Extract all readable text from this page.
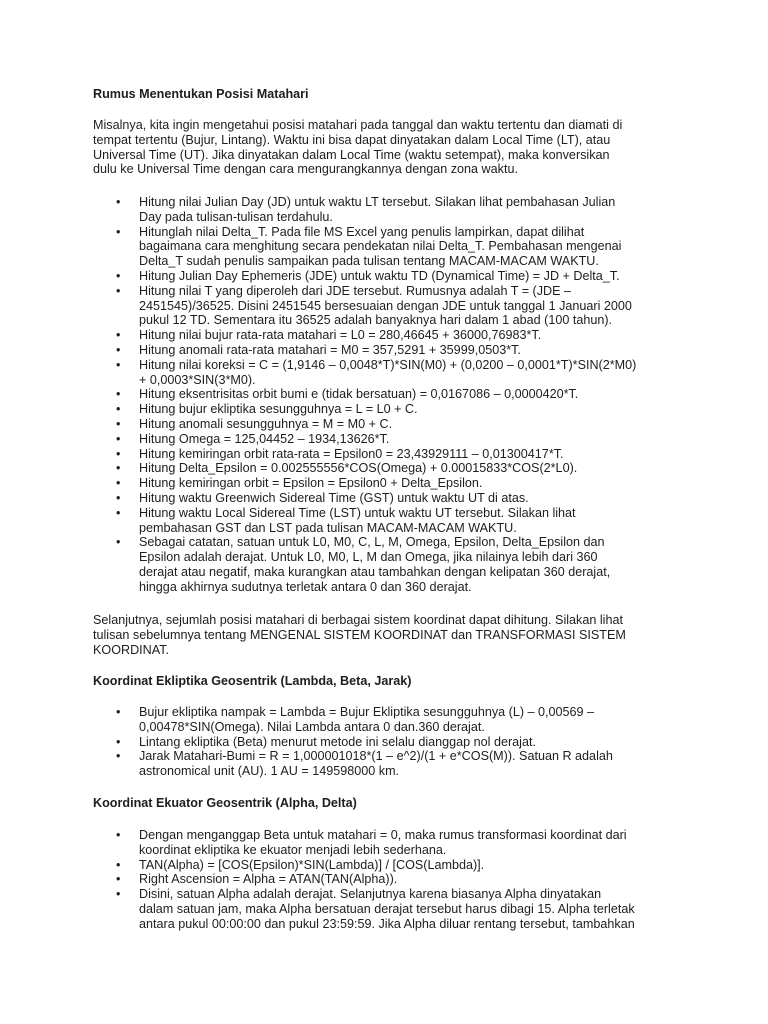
Rumus Menentukan Posisi Matahari

Misalnya, kita ingin mengetahui posisi matahari pada tanggal dan waktu tertentu dan diamati di
tempat tertentu (Bujur, Lintang). Waktu ini bisa dapat dinyatakan dalam Local Time (LT), atau
Universal Time (UT). Jika dinyatakan dalam Local Time (waktu setempat), maka konversikan
dulu ke Universal Time dengan cara mengurangkannya dengan zona waktu.

• Hitung nilai Julian Day (JD) untuk waktu LT tersebut. Silakan lihat pembahasan Julian
Day pada tulisan-tulisan terdahulu.
• Hitunglah nilai Delta_T. Pada file MS Excel yang penulis lampirkan, dapat dilihat
bagaimana cara menghitung secara pendekatan nilai Delta_T. Pembahasan mengenai
Delta_T sudah penulis sampaikan pada tulisan tentang MACAM-MACAM WAKTU.
• Hitung Julian Day Ephemeris (JDE) untuk waktu TD (Dynamical Time) = JD + Delta_T.
• Hitung nilai T yang diperoleh dari JDE tersebut. Rumusnya adalah T = (JDE –
2451545)/36525. Disini 2451545 bersesuaian dengan JDE untuk tanggal 1 Januari 2000
pukul 12 TD. Sementara itu 36525 adalah banyaknya hari dalam 1 abad (100 tahun).
• Hitung nilai bujur rata-rata matahari = L0 = 280,46645 + 36000,76983*T.
• Hitung anomali rata-rata matahari = M0 = 357,5291 + 35999,0503*T.
• Hitung nilai koreksi = C = (1,9146 – 0,0048*T)*SIN(M0) + (0,0200 – 0,0001*T)*SIN(2*M0)
+ 0,0003*SIN(3*M0).
• Hitung eksentrisitas orbit bumi e (tidak bersatuan) = 0,0167086 – 0,0000420*T.
• Hitung bujur ekliptika sesungguhnya = L = L0 + C.
• Hitung anomali sesungguhnya = M = M0 + C.
• Hitung Omega = 125,04452 – 1934,13626*T.
• Hitung kemiringan orbit rata-rata = Epsilon0 = 23,43929111 – 0,01300417*T.
• Hitung Delta_Epsilon = 0.002555556*COS(Omega) + 0.00015833*COS(2*L0).
• Hitung kemiringan orbit = Epsilon = Epsilon0 + Delta_Epsilon.
• Hitung waktu Greenwich Sidereal Time (GST) untuk waktu UT di atas.
• Hitung waktu Local Sidereal Time (LST) untuk waktu UT tersebut. Silakan lihat
pembahasan GST dan LST pada tulisan MACAM-MACAM WAKTU.
• Sebagai catatan, satuan untuk L0, M0, C, L, M, Omega, Epsilon, Delta_Epsilon dan
Epsilon adalah derajat. Untuk L0, M0, L, M dan Omega, jika nilainya lebih dari 360
derajat atau negatif, maka kurangkan atau tambahkan dengan kelipatan 360 derajat,
hingga akhirnya sudutnya terletak antara 0 dan 360 derajat.

Selanjutnya, sejumlah posisi matahari di berbagai sistem koordinat dapat dihitung. Silakan lihat
tulisan sebelumnya tentang MENGENAL SISTEM KOORDINAT dan TRANSFORMASI SISTEM
KOORDINAT.

Koordinat Ekliptika Geosentrik (Lambda, Beta, Jarak)
• Bujur ekliptika nampak = Lambda = Bujur Ekliptika sesungguhnya (L) – 0,00569 –
0,00478*SIN(Omega). Nilai Lambda antara 0 dan.360 derajat.
• Lintang ekliptika (Beta) menurut metode ini selalu dianggap nol derajat.
• Jarak Matahari-Bumi = R = 1,000001018*(1 – e^2)/(1 + e*COS(M)). Satuan R adalah
astronomical unit (AU). 1 AU = 149598000 km.
Koordinat Ekuator Geosentrik (Alpha, Delta)
• Dengan menganggap Beta untuk matahari = 0, maka rumus transformasi koordinat dari
koordinat ekliptika ke ekuator menjadi lebih sederhana.
• TAN(Alpha) = [COS(Epsilon)*SIN(Lambda)] / [COS(Lambda)].
• Right Ascension = Alpha = ATAN(TAN(Alpha)).
• Disini, satuan Alpha adalah derajat. Selanjutnya karena biasanya Alpha dinyatakan
dalam satuan jam, maka Alpha bersatuan derajat tersebut harus dibagi 15. Alpha terletak
antara pukul 00:00:00 dan pukul 23:59:59. Jika Alpha diluar rentang tersebut, tambahkan
